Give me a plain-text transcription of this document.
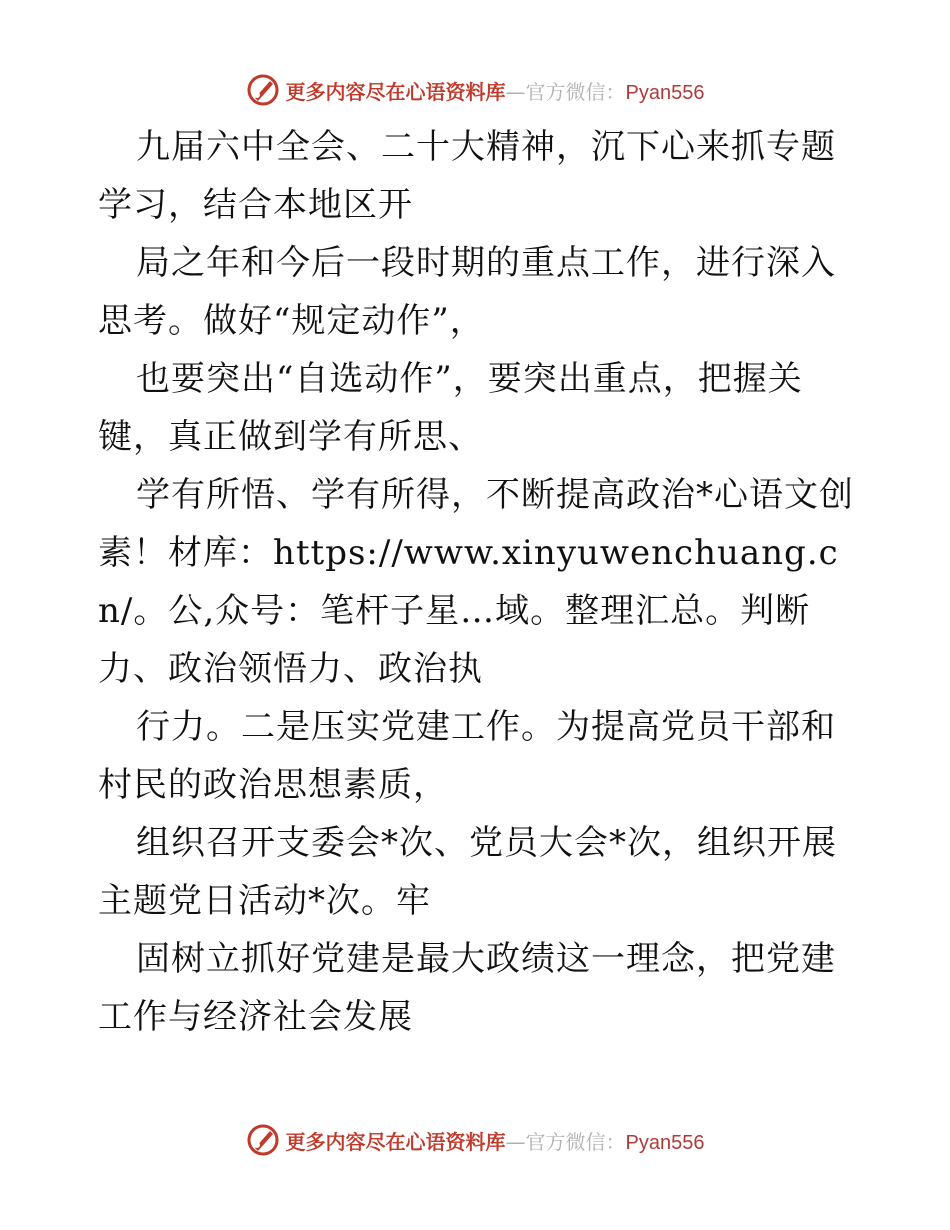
更多内容尽在心语资料库—官方微信：Pyan556

九届六中全会、二十大精神，沉下心来抓专题学习，结合本地区开

局之年和今后一段时期的重点工作，进行深入思考。做好“规定动作”，

也要突出“自选动作”，要突出重点，把握关键，真正做到学有所思、

学有所悟、学有所得，不断提高政治*心语文创素！材库：https://www.xinyuwenchuang.cn/。公,众号：笔杆子星…域。整理汇总。判断力、政治领悟力、政治执

行力。二是压实党建工作。为提高党员干部和村民的政治思想素质，

组织召开支委会*次、党员大会*次，组织开展主题党日活动*次。牢

固树立抓好党建是最大政绩这一理念，把党建工作与经济社会发展

更多内容尽在心语资料库—官方微信：Pyan556
